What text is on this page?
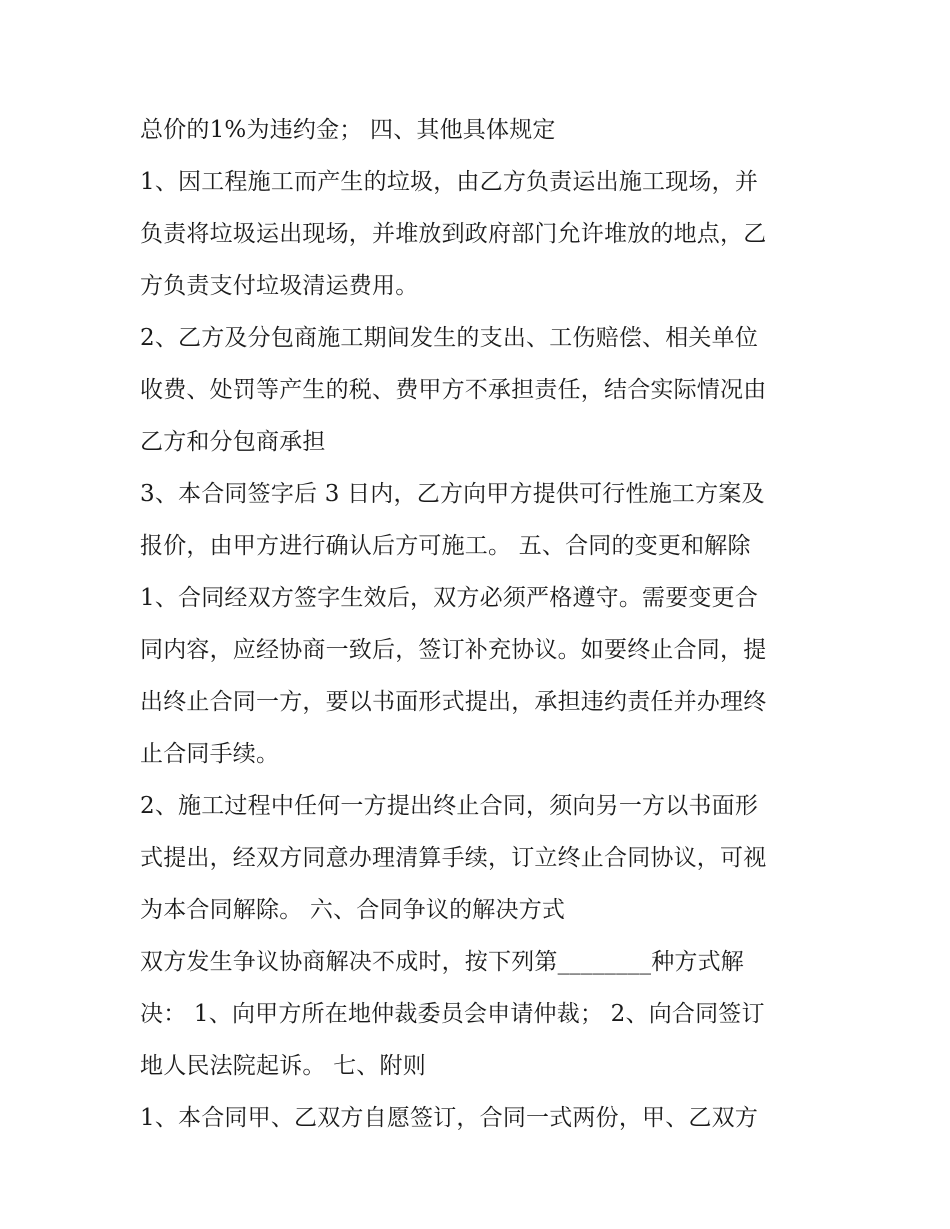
总价的1%为违约金； 四、其他具体规定
1、因工程施工而产生的垃圾，由乙方负责运出施工现场，并
负责将垃圾运出现场，并堆放到政府部门允许堆放的地点，乙
方负责支付垃圾清运费用。
2、乙方及分包商施工期间发生的支出、工伤赔偿、相关单位
收费、处罚等产生的税、费甲方不承担责任，结合实际情况由
乙方和分包商承担
3、本合同签字后 3 日内，乙方向甲方提供可行性施工方案及
报价，由甲方进行确认后方可施工。 五、合同的变更和解除
1、合同经双方签字生效后，双方必须严格遵守。需要变更合
同内容，应经协商一致后，签订补充协议。如要终止合同，提
出终止合同一方，要以书面形式提出，承担违约责任并办理终
止合同手续。
2、施工过程中任何一方提出终止合同，须向另一方以书面形
式提出，经双方同意办理清算手续，订立终止合同协议，可视
为本合同解除。 六、合同争议的解决方式
双方发生争议协商解决不成时，按下列第________种方式解
决： 1、向甲方所在地仲裁委员会申请仲裁； 2、向合同签订
地人民法院起诉。 七、附则
1、本合同甲、乙双方自愿签订，合同一式两份，甲、乙双方
